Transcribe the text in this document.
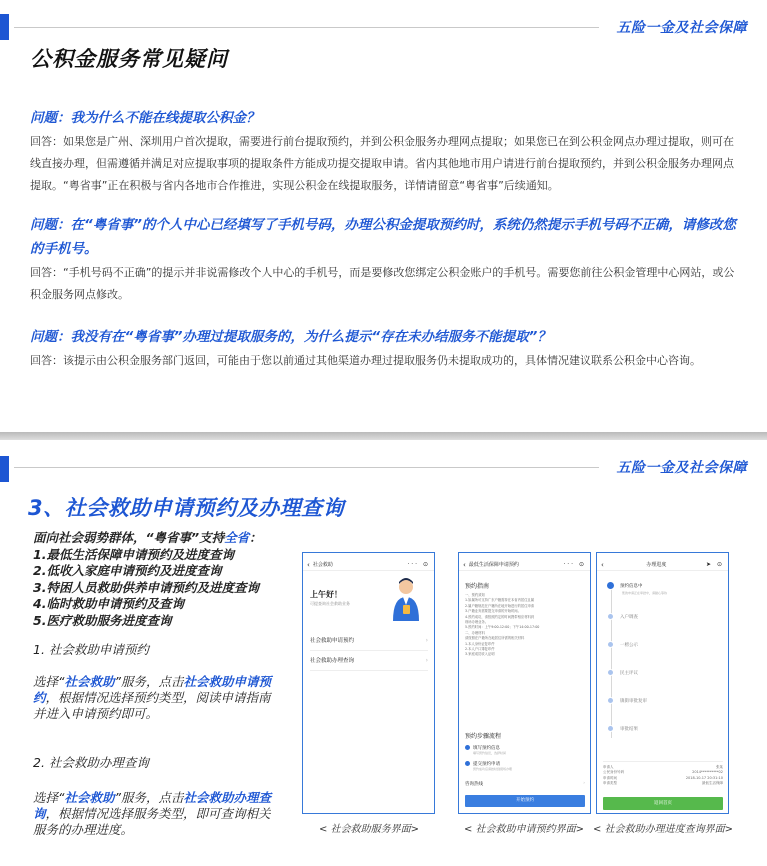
五险一金及社会保障
公积金服务常见疑问
问题：我为什么不能在线提取公积金？
回答：如果您是广州、深圳用户首次提取，需要进行前台提取预约，并到公积金服务办理网点提取；如果您已在到公积金网点办理过提取，则可在线直接办理，但需遵循并满足对应提取事项的提取条件方能成功提交提取申请。省内其他地市用户请进行前台提取预约，并到公积金服务办理网点提取。“粤省事”正在积极与省内各地市合作推进，实现公积金在线提取服务，详情请留意“粤省事”后续通知。
问题：在“粤省事”的个人中心已经填写了手机号码，办理公积金提取预约时，系统仍然提示手机号码不正确，请修改您的手机号。
回答：“手机号码不正确”的提示并非说需修改个人中心的手机号，而是要修改您绑定公积金账户的手机号。需要您前往公积金管理中心网站，或公积金服务网点修改。
问题：我没有在“粤省事”办理过提取服务的，为什么提示“存在未办结服务不能提取”？
回答：该提示由公积金服务部门返回，可能由于您以前通过其他渠道办理过提取服务仍未提取成功的，具体情况建议联系公积金中心咨询。
五险一金及社会保障
3、社会救助申请预约及办理查询
面向社会弱势群体，“粤省事”支持全省：
1.最低生活保障申请预约及进度查询
2.低收入家庭申请预约及进度查询
3.特困人员救助供养申请预约及进度查询
4.临时救助申请预约及查询
5.医疗救助服务进度查询
1. 社会救助申请预约
选择“社会救助”服务，点击社会救助申请预约，根据情况选择预约类型，阅读申请指南并进入申请预约即可。
2. 社会救助办理查询
选择“社会救助”服务，点击社会救助办理查询，根据情况选择服务类型，即可查询相关服务的办理进度。
‹ 社会救助	··· ⊙
上午好！
可提查询社会救助业务
社会救助申请预约	›
社会救助办理查询	›
‹ 最低生活保障申请预约	··· ⊙
预约指南
一、预约须知
1.如属所可支持广东户籍需持在本省内居住且属
2.属户籍规范在户籍所在地开始进行的居住申请
3.户籍业务需要提交申请的开始时间。
4.预约成功，请按照约定的时间携带相应材料到
现场办理业务。
5.预约时间：上午9:00-12:00；下午14:00-17:00
二、办理材料
请按照在户籍所在地居住所需的相关材料
1.本人身份证复印件
2.本人户口簿复印件
3.家庭成员收入证明
预约步骤流程
填写预约信息
填写预约信息，选择时间
提交预约申请
预约成功后请按时到现场办理
咨询热线	›
开始预约
‹	办理进度	➤ ⊙
预约信息中
您的申请正在审批中，请耐心等待
入户调查
一榜公示
民主评议
镇街审批复审
审批结果
申请人	张某
公民身份号码	2014**********02
申请时间	2018-10-17 20:31:10
申请类型	最低生活保障
返回首页
< 社会救助服务界面>	< 社会救助申请预约界面> < 社会救助办理进度查询界面>
